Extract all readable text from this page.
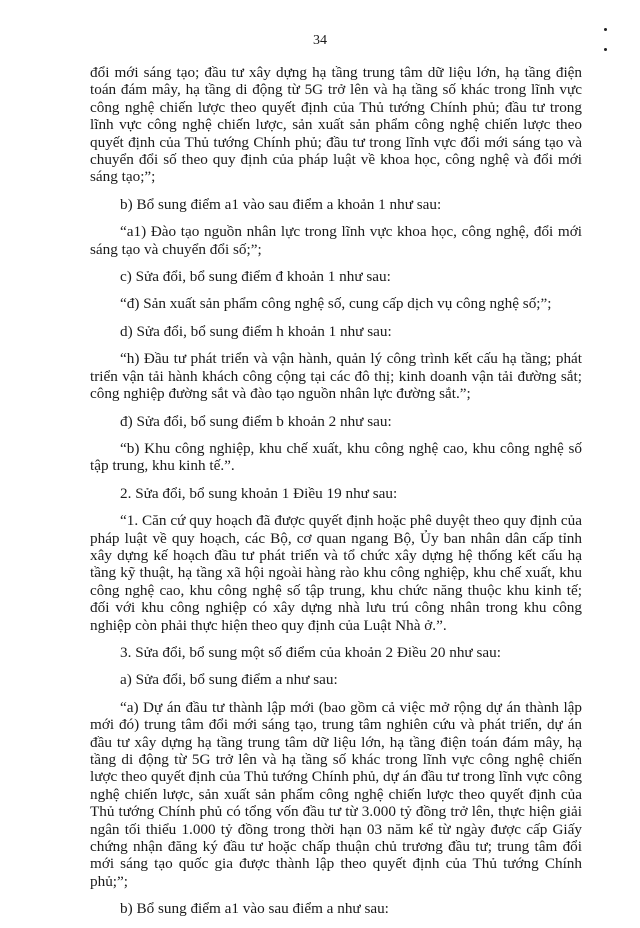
34

đổi mới sáng tạo; đầu tư xây dựng hạ tầng trung tâm dữ liệu lớn, hạ tầng điện toán đám mây, hạ tầng di động từ 5G trở lên và hạ tầng số khác trong lĩnh vực công nghệ chiến lược theo quyết định của Thủ tướng Chính phủ; đầu tư trong lĩnh vực công nghệ chiến lược, sản xuất sản phẩm công nghệ chiến lược theo quyết định của Thủ tướng Chính phủ; đầu tư trong lĩnh vực đổi mới sáng tạo và chuyển đổi số theo quy định của pháp luật về khoa học, công nghệ và đổi mới sáng tạo;”;

b) Bổ sung điểm a1 vào sau điểm a khoản 1 như sau:

“a1) Đào tạo nguồn nhân lực trong lĩnh vực khoa học, công nghệ, đổi mới sáng tạo và chuyển đổi số;”;

c) Sửa đổi, bổ sung điểm đ khoản 1 như sau:

“đ) Sản xuất sản phẩm công nghệ số, cung cấp dịch vụ công nghệ số;”;

d) Sửa đổi, bổ sung điểm h khoản 1 như sau:

“h) Đầu tư phát triển và vận hành, quản lý công trình kết cấu hạ tầng; phát triển vận tải hành khách công cộng tại các đô thị; kinh doanh vận tải đường sắt; công nghiệp đường sắt và đào tạo nguồn nhân lực đường sắt.”;

đ) Sửa đổi, bổ sung điểm b khoản 2 như sau:

“b) Khu công nghiệp, khu chế xuất, khu công nghệ cao, khu công nghệ số tập trung, khu kinh tế.”.

2. Sửa đổi, bổ sung khoản 1 Điều 19 như sau:

“1. Căn cứ quy hoạch đã được quyết định hoặc phê duyệt theo quy định của pháp luật về quy hoạch, các Bộ, cơ quan ngang Bộ, Ủy ban nhân dân cấp tỉnh xây dựng kế hoạch đầu tư phát triển và tổ chức xây dựng hệ thống kết cấu hạ tầng kỹ thuật, hạ tầng xã hội ngoài hàng rào khu công nghiệp, khu chế xuất, khu công nghệ cao, khu công nghệ số tập trung, khu chức năng thuộc khu kinh tế; đối với khu công nghiệp có xây dựng nhà lưu trú công nhân trong khu công nghiệp còn phải thực hiện theo quy định của Luật Nhà ở.”.

3. Sửa đổi, bổ sung một số điểm của khoản 2 Điều 20 như sau:

a) Sửa đổi, bổ sung điểm a như sau:

“a) Dự án đầu tư thành lập mới (bao gồm cả việc mở rộng dự án thành lập mới đó) trung tâm đổi mới sáng tạo, trung tâm nghiên cứu và phát triển, dự án đầu tư xây dựng hạ tầng trung tâm dữ liệu lớn, hạ tầng điện toán đám mây, hạ tầng di động từ 5G trở lên và hạ tầng số khác trong lĩnh vực công nghệ chiến lược theo quyết định của Thủ tướng Chính phủ, dự án đầu tư trong lĩnh vực công nghệ chiến lược, sản xuất sản phẩm công nghệ chiến lược theo quyết định của Thủ tướng Chính phủ có tổng vốn đầu tư từ 3.000 tỷ đồng trở lên, thực hiện giải ngân tối thiểu 1.000 tỷ đồng trong thời hạn 03 năm kể từ ngày được cấp Giấy chứng nhận đăng ký đầu tư hoặc chấp thuận chủ trương đầu tư; trung tâm đổi mới sáng tạo quốc gia được thành lập theo quyết định của Thủ tướng Chính phủ;”;

b) Bổ sung điểm a1 vào sau điểm a như sau:
